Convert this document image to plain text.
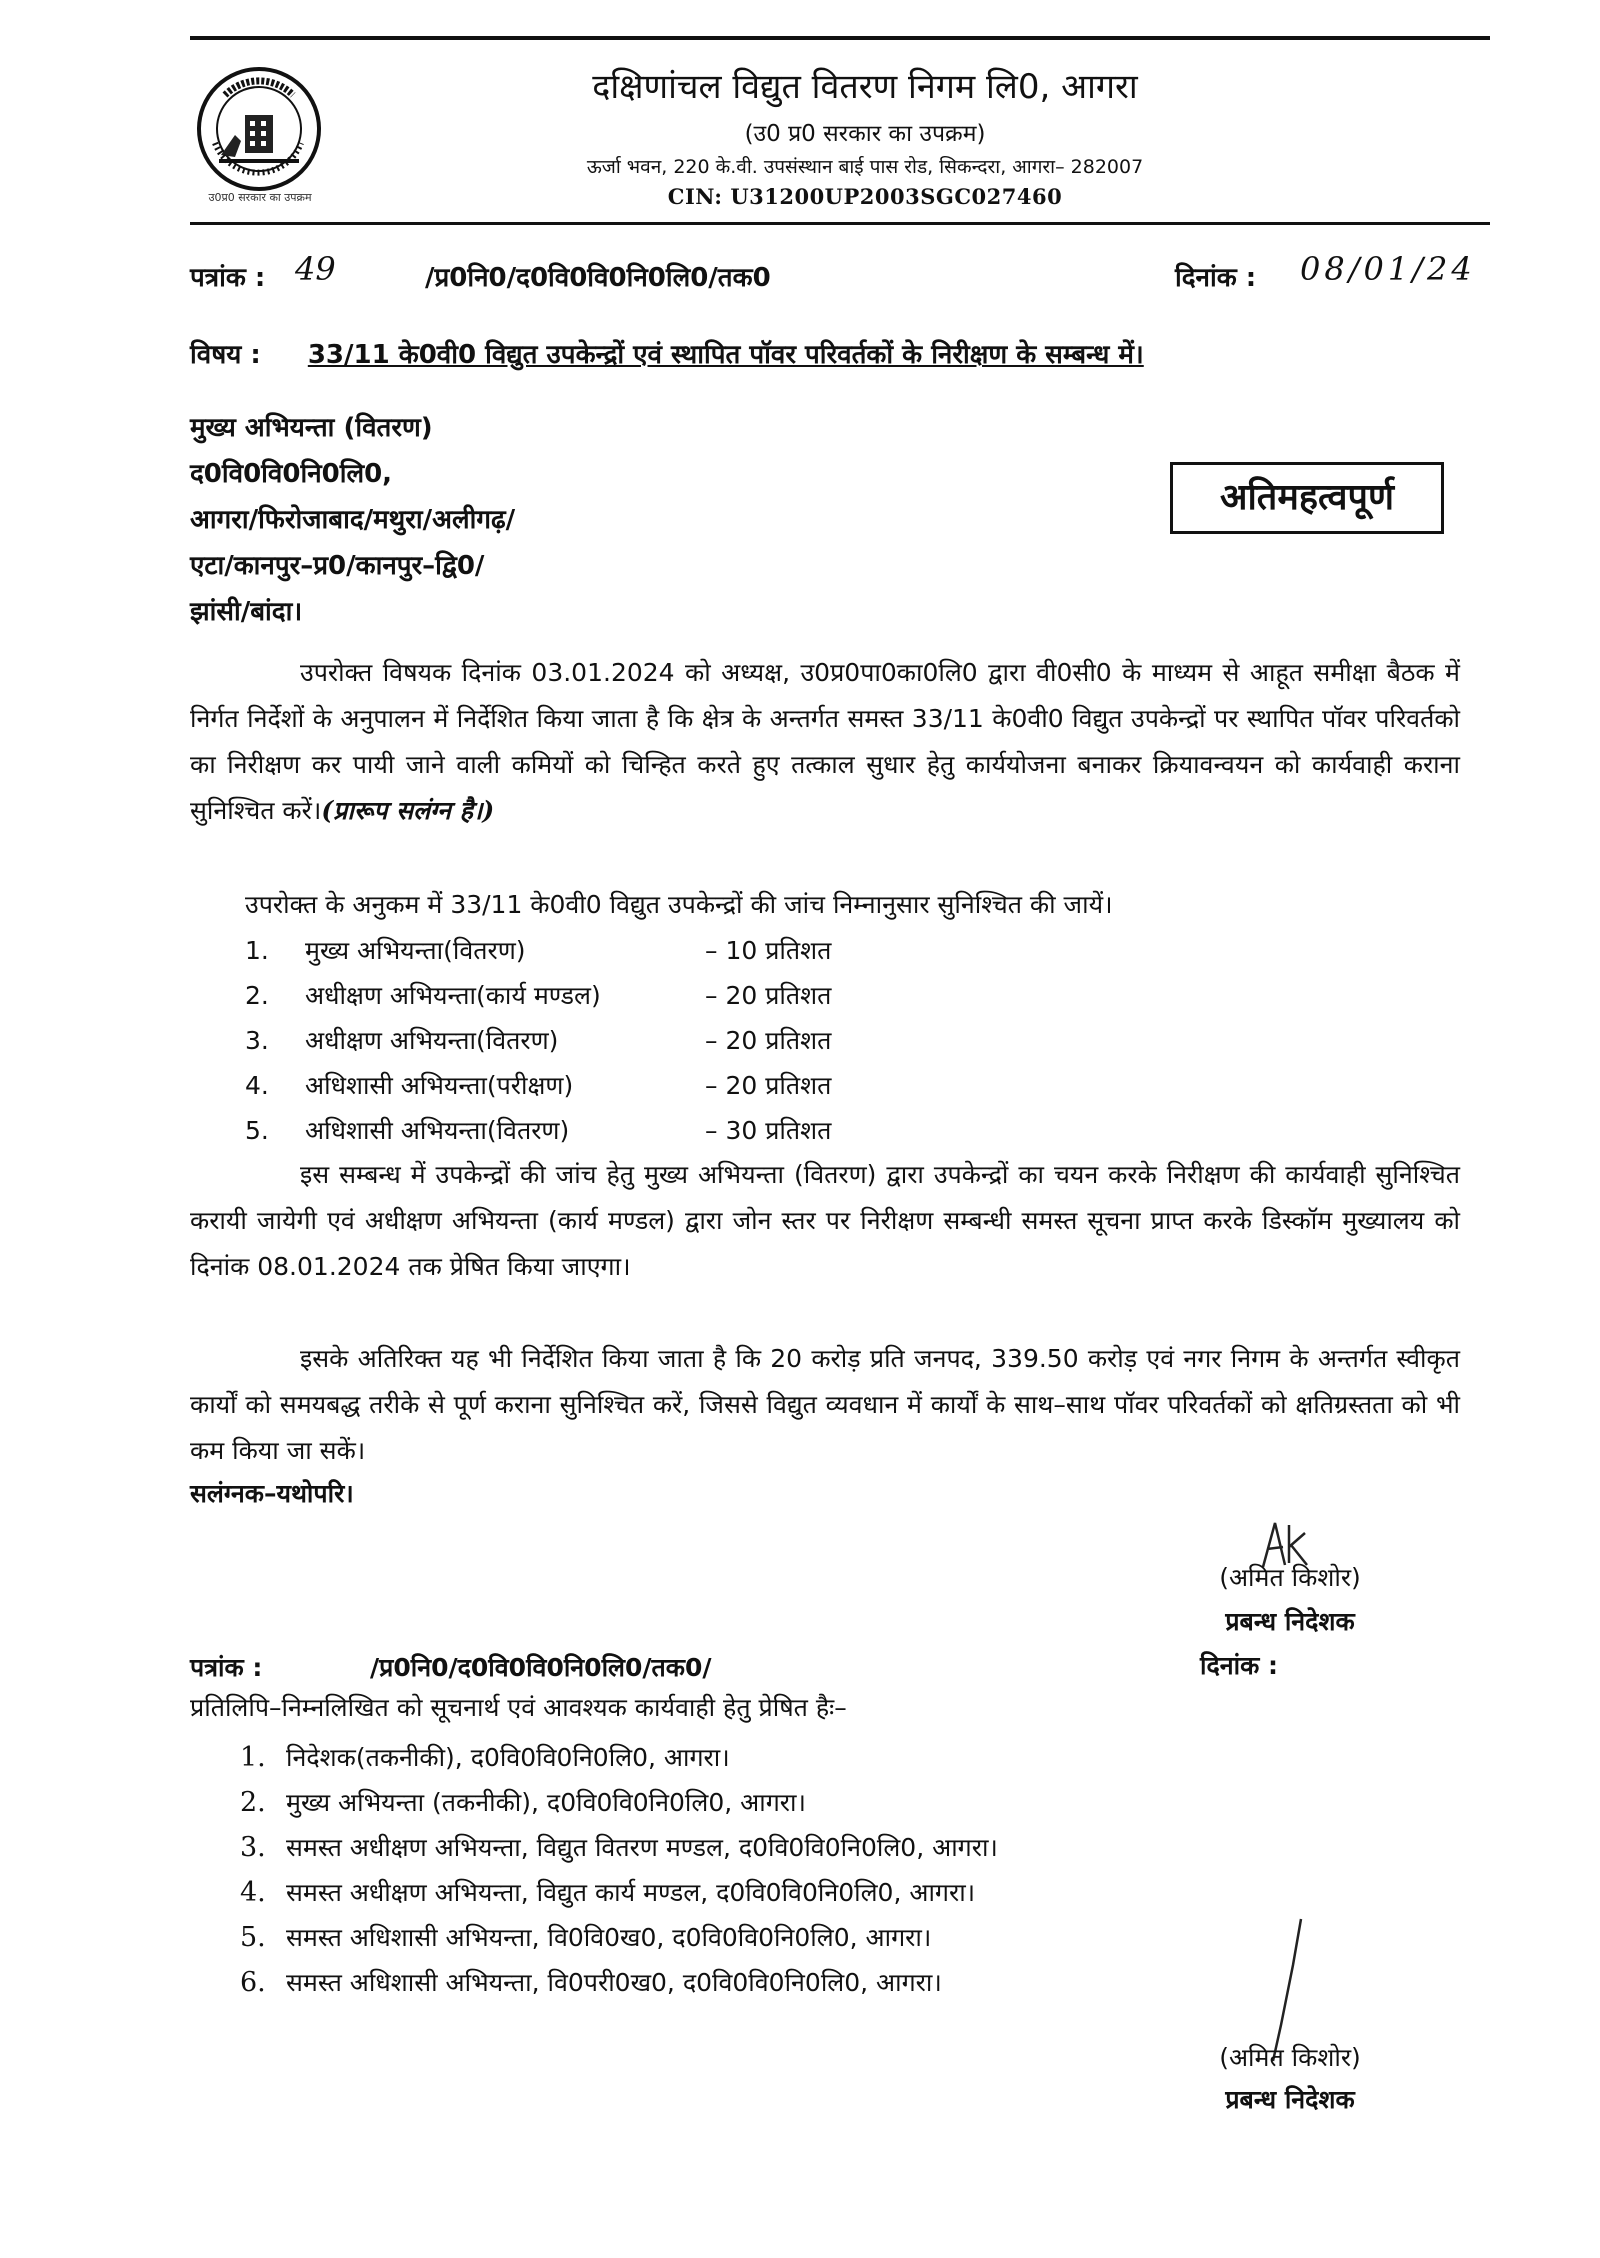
उ0प्र0 सरकार का उपक्रम
दक्षिणांचल विद्युत वितरण निगम लि0, आगरा
(उ0 प्र0 सरकार का उपक्रम)
ऊर्जा भवन, 220 के.वी. उपसंस्थान बाई पास रोड, सिकन्दरा, आगरा– 282007
CIN: U31200UP2003SGC027460
पत्रांक : 49	/प्र0नि0/द0वि0वि0नि0लि0/तक0	दिनांक : 08/01/24
विषय : 33/11 के0वी0 विद्युत उपकेन्द्रों एवं स्थापित पॉवर परिवर्तकों के निरीक्षण के सम्बन्ध में।
मुख्य अभियन्ता (वितरण)
द0वि0वि0नि0लि0,
आगरा/फिरोजाबाद/मथुरा/अलीगढ़/
एटा/कानपुर–प्र0/कानपुर–द्वि0/
झांसी/बांदा।
अतिमहत्वपूर्ण
उपरोक्त विषयक दिनांक 03.01.2024 को अध्यक्ष, उ0प्र0पा0का0लि0 द्वारा वी0सी0 के माध्यम से आहूत समीक्षा बैठक में निर्गत निर्देशों के अनुपालन में निर्देशित किया जाता है कि क्षेत्र के अन्तर्गत समस्त 33/11 के0वी0 विद्युत उपकेन्द्रों पर स्थापित पॉवर परिवर्तको का निरीक्षण कर पायी जाने वाली कमियों को चिन्हित करते हुए तत्काल सुधार हेतु कार्ययोजना बनाकर क्रियावन्वयन को कार्यवाही कराना सुनिश्चित करें।(प्रारूप सलंग्न है।)
उपरोक्त के अनुकम में 33/11 के0वी0 विद्युत उपकेन्द्रों की जांच निम्नानुसार सुनिश्चित की जायें।
1. मुख्य अभियन्ता(वितरण)	– 10 प्रतिशत
2. अधीक्षण अभियन्ता(कार्य मण्डल)	– 20 प्रतिशत
3. अधीक्षण अभियन्ता(वितरण)	– 20 प्रतिशत
4. अधिशासी अभियन्ता(परीक्षण)	– 20 प्रतिशत
5. अधिशासी अभियन्ता(वितरण)	– 30 प्रतिशत
इस सम्बन्ध में उपकेन्द्रों की जांच हेतु मुख्य अभियन्ता (वितरण) द्वारा उपकेन्द्रों का चयन करके निरीक्षण की कार्यवाही सुनिश्चित करायी जायेगी एवं अधीक्षण अभियन्ता (कार्य मण्डल) द्वारा जोन स्तर पर निरीक्षण सम्बन्धी समस्त सूचना प्राप्त करके डिस्कॉम मुख्यालय को दिनांक 08.01.2024 तक प्रेषित किया जाएगा।
इसके अतिरिक्त यह भी निर्देशित किया जाता है कि 20 करोड़ प्रति जनपद, 339.50 करोड़ एवं नगर निगम के अन्तर्गत स्वीकृत कार्यों को समयबद्ध तरीके से पूर्ण कराना सुनिश्चित करें, जिससे विद्युत व्यवधान में कार्यों के साथ–साथ पॉवर परिवर्तकों को क्षतिग्रस्तता को भी कम किया जा सकें।
सलंग्नक–यथोपरि।
(अमित किशोर)
प्रबन्ध निदेशक
पत्रांक :	/प्र0नि0/द0वि0वि0नि0लि0/तक0/	दिनांक :
प्रतिलिपि–निम्नलिखित को सूचनार्थ एवं आवश्यक कार्यवाही हेतु प्रेषित हैः–
1. निदेशक(तकनीकी), द0वि0वि0नि0लि0, आगरा।
2. मुख्य अभियन्ता (तकनीकी), द0वि0वि0नि0लि0, आगरा।
3. समस्त अधीक्षण अभियन्ता, विद्युत वितरण मण्डल, द0वि0वि0नि0लि0, आगरा।
4. समस्त अधीक्षण अभियन्ता, विद्युत कार्य मण्डल, द0वि0वि0नि0लि0, आगरा।
5. समस्त अधिशासी अभियन्ता, वि0वि0ख0, द0वि0वि0नि0लि0, आगरा।
6. समस्त अधिशासी अभियन्ता, वि0परी0ख0, द0वि0वि0नि0लि0, आगरा।
(अमित किशोर)
प्रबन्ध निदेशक
